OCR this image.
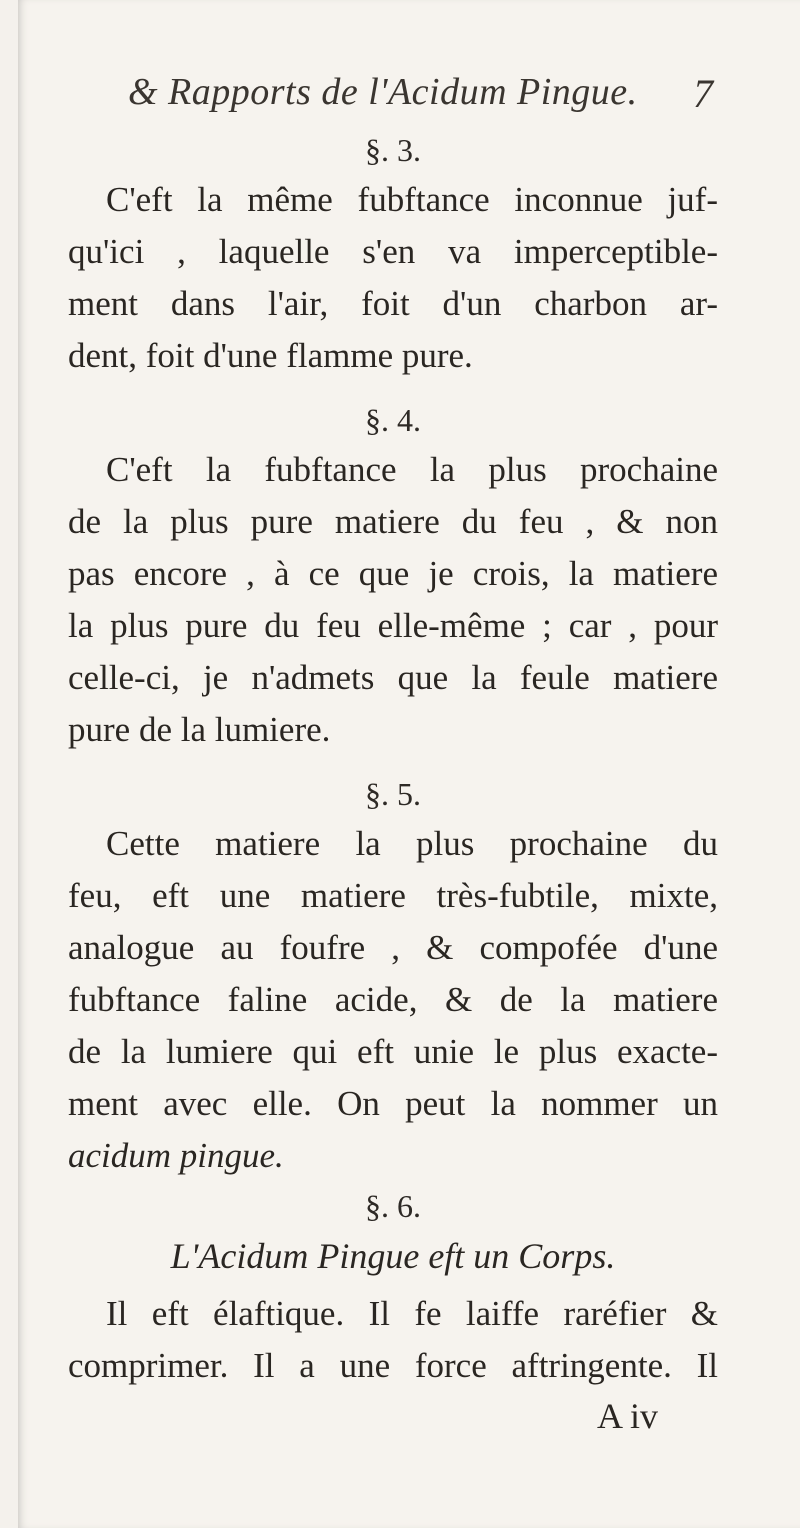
& Rapports de l'Acidum Pingue. 7
§. 3.
C'eft la même fubftance inconnue juf-
qu'ici , laquelle s'en va imperceptible-
ment dans l'air, foit d'un charbon ar-
dent, foit d'une flamme pure.
§. 4.
C'eft la fubftance la plus prochaine
de la plus pure matiere du feu , & non
pas encore , à ce que je crois, la matiere
la plus pure du feu elle-même ; car , pour
celle-ci, je n'admets que la feule matiere
pure de la lumiere.
§. 5.
Cette matiere la plus prochaine du
feu, eft une matiere très-fubtile, mixte,
analogue au foufre , & compofée d'une
fubftance faline acide, & de la matiere
de la lumiere qui eft unie le plus exacte-
ment avec elle. On peut la nommer un
acidum pingue.
§. 6.
L'Acidum Pingue eft un Corps.
Il eft élaftique. Il fe laiffe raréfier &
comprimer. Il a une force aftringente. Il
A iv
